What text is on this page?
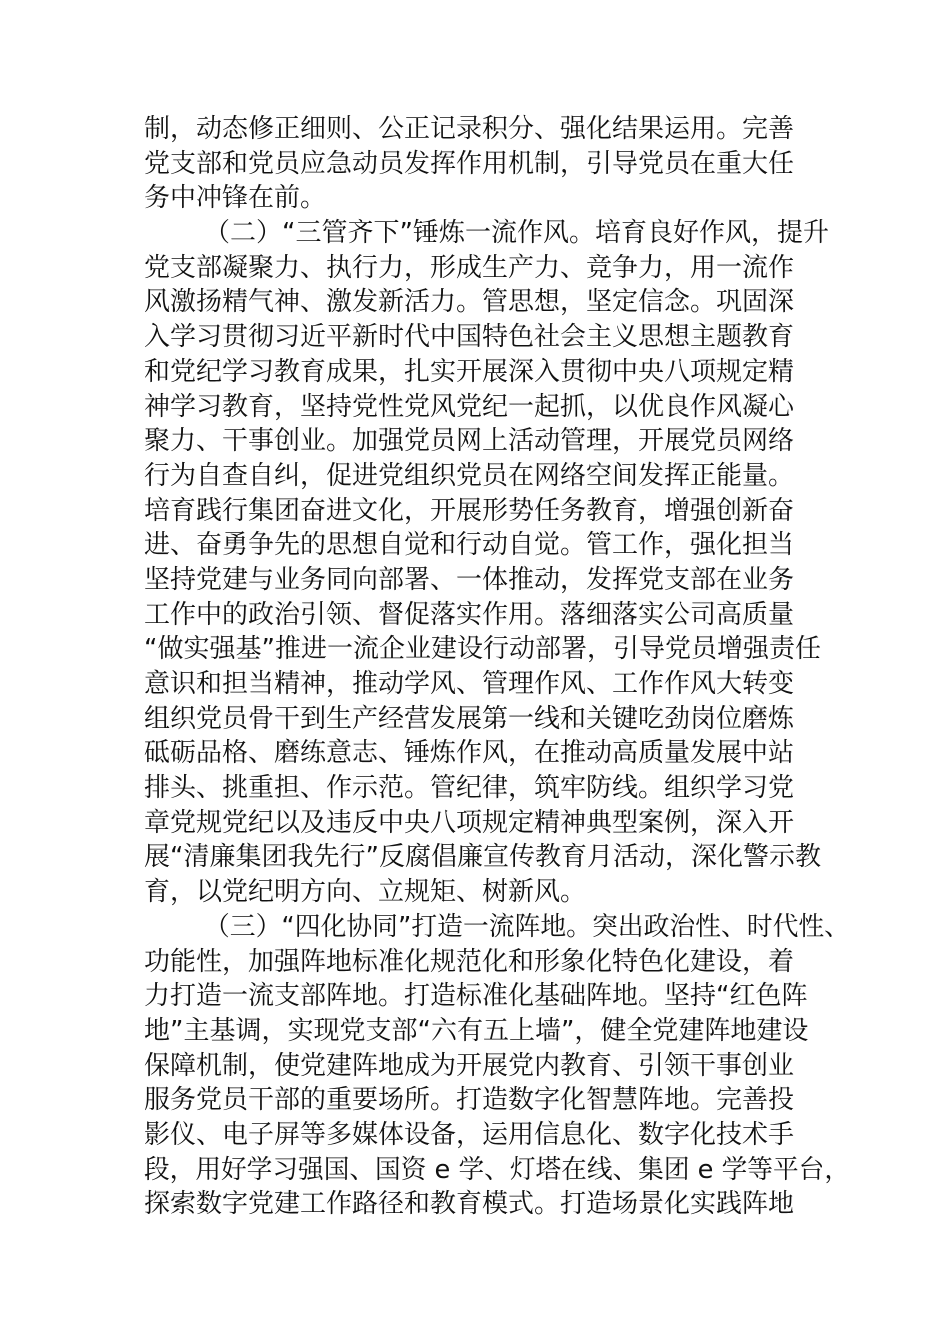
制，动态修正细则、公正记录积分、强化结果运用。完善
党支部和党员应急动员发挥作用机制，引导党员在重大任
务中冲锋在前。
（二）“三管齐下”锤炼一流作风。培育良好作风，提升
党支部凝聚力、执行力，形成生产力、竞争力，用一流作
风激扬精气神、激发新活力。管思想，坚定信念。巩固深
入学习贯彻习近平新时代中国特色社会主义思想主题教育
和党纪学习教育成果，扎实开展深入贯彻中央八项规定精
神学习教育，坚持党性党风党纪一起抓，以优良作风凝心
聚力、干事创业。加强党员网上活动管理，开展党员网络
行为自查自纠，促进党组织党员在网络空间发挥正能量。
培育践行集团奋进文化，开展形势任务教育，增强创新奋
进、奋勇争先的思想自觉和行动自觉。管工作，强化担当
坚持党建与业务同向部署、一体推动，发挥党支部在业务
工作中的政治引领、督促落实作用。落细落实公司高质量
“做实强基”推进一流企业建设行动部署，引导党员增强责任
意识和担当精神，推动学风、管理作风、工作作风大转变
组织党员骨干到生产经营发展第一线和关键吃劲岗位磨炼
砥砺品格、磨练意志、锤炼作风，在推动高质量发展中站
排头、挑重担、作示范。管纪律，筑牢防线。组织学习党
章党规党纪以及违反中央八项规定精神典型案例，深入开
展“清廉集团我先行”反腐倡廉宣传教育月活动，深化警示教
育，以党纪明方向、立规矩、树新风。
（三）“四化协同”打造一流阵地。突出政治性、时代性、
功能性，加强阵地标准化规范化和形象化特色化建设，着
力打造一流支部阵地。打造标准化基础阵地。坚持“红色阵
地”主基调，实现党支部“六有五上墙”，健全党建阵地建设
保障机制，使党建阵地成为开展党内教育、引领干事创业
服务党员干部的重要场所。打造数字化智慧阵地。完善投
影仪、电子屏等多媒体设备，运用信息化、数字化技术手
段，用好学习强国、国资 e 学、灯塔在线、集团 e 学等平台，
探索数字党建工作路径和教育模式。打造场景化实践阵地
